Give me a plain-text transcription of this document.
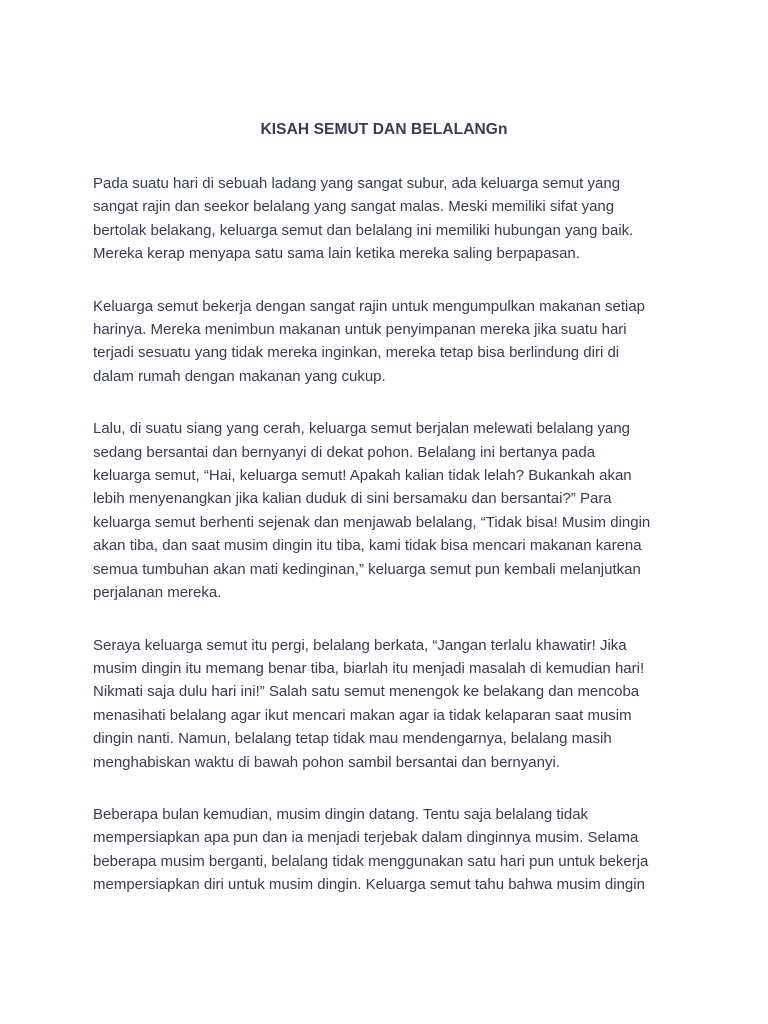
KISAH SEMUT DAN BELALANGn

Pada suatu hari di sebuah ladang yang sangat subur, ada keluarga semut yang
sangat rajin dan seekor belalang yang sangat malas. Meski memiliki sifat yang
bertolak belakang, keluarga semut dan belalang ini memiliki hubungan yang baik.
Mereka kerap menyapa satu sama lain ketika mereka saling berpapasan.

Keluarga semut bekerja dengan sangat rajin untuk mengumpulkan makanan setiap
harinya. Mereka menimbun makanan untuk penyimpanan mereka jika suatu hari
terjadi sesuatu yang tidak mereka inginkan, mereka tetap bisa berlindung diri di
dalam rumah dengan makanan yang cukup.

Lalu, di suatu siang yang cerah, keluarga semut berjalan melewati belalang yang
sedang bersantai dan bernyanyi di dekat pohon. Belalang ini bertanya pada
keluarga semut, “Hai, keluarga semut! Apakah kalian tidak lelah? Bukankah akan
lebih menyenangkan jika kalian duduk di sini bersamaku dan bersantai?” Para
keluarga semut berhenti sejenak dan menjawab belalang, “Tidak bisa! Musim dingin
akan tiba, dan saat musim dingin itu tiba, kami tidak bisa mencari makanan karena
semua tumbuhan akan mati kedinginan,” keluarga semut pun kembali melanjutkan
perjalanan mereka.

Seraya keluarga semut itu pergi, belalang berkata, “Jangan terlalu khawatir! Jika
musim dingin itu memang benar tiba, biarlah itu menjadi masalah di kemudian hari!
Nikmati saja dulu hari ini!” Salah satu semut menengok ke belakang dan mencoba
menasihati belalang agar ikut mencari makan agar ia tidak kelaparan saat musim
dingin nanti. Namun, belalang tetap tidak mau mendengarnya, belalang masih
menghabiskan waktu di bawah pohon sambil bersantai dan bernyanyi.

Beberapa bulan kemudian, musim dingin datang. Tentu saja belalang tidak
mempersiapkan apa pun dan ia menjadi terjebak dalam dinginnya musim. Selama
beberapa musim berganti, belalang tidak menggunakan satu hari pun untuk bekerja
mempersiapkan diri untuk musim dingin. Keluarga semut tahu bahwa musim dingin
